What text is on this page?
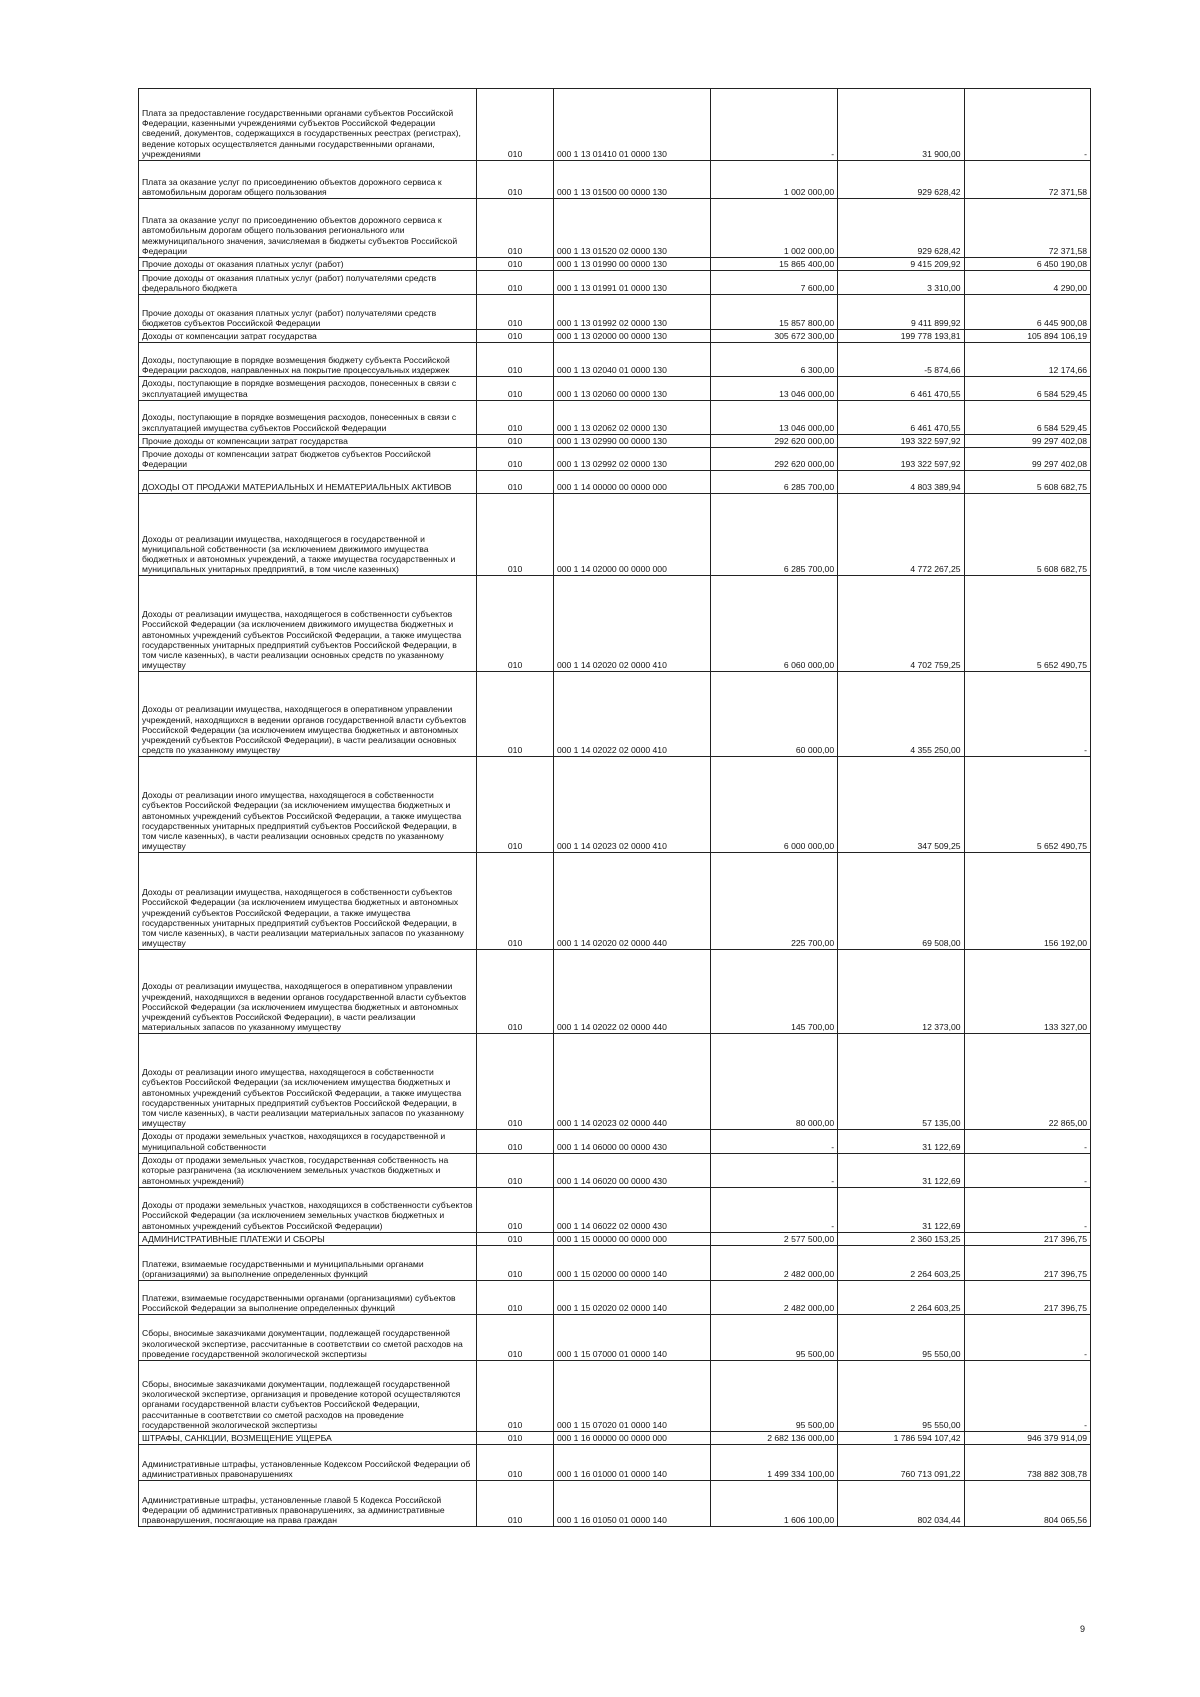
Плата за предоставление государственными органами субъектов Российской Федерации, казенными учреждениями субъектов Российской Федерации сведений, документов, содержащихся в государственных реестрах (регистрах), ведение которых осуществляется данными государственными органами, учреждениями	010	000 1 13 01410 01 0000 130	-	31 900,00	-
Плата за оказание услуг по присоединению объектов дорожного сервиса к автомобильным дорогам общего пользования	010	000 1 13 01500 00 0000 130	1 002 000,00	929 628,42	72 371,58
Плата за оказание услуг по присоединению объектов дорожного сервиса к автомобильным дорогам общего пользования регионального или межмуниципального значения, зачисляемая в бюджеты субъектов Российской Федерации	010	000 1 13 01520 02 0000 130	1 002 000,00	929 628,42	72 371,58
Прочие доходы от оказания платных услуг (работ)	010	000 1 13 01990 00 0000 130	15 865 400,00	9 415 209,92	6 450 190,08
Прочие доходы от оказания платных услуг (работ) получателями средств федерального бюджета	010	000 1 13 01991 01 0000 130	7 600,00	3 310,00	4 290,00
Прочие доходы от оказания платных услуг (работ) получателями средств бюджетов субъектов Российской Федерации	010	000 1 13 01992 02 0000 130	15 857 800,00	9 411 899,92	6 445 900,08
Доходы от компенсации затрат государства	010	000 1 13 02000 00 0000 130	305 672 300,00	199 778 193,81	105 894 106,19
Доходы, поступающие в порядке возмещения бюджету субъекта Российской Федерации расходов, направленных на покрытие процессуальных издержек	010	000 1 13 02040 01 0000 130	6 300,00	-5 874,66	12 174,66
Доходы, поступающие в порядке возмещения расходов, понесенных в связи с эксплуатацией имущества	010	000 1 13 02060 00 0000 130	13 046 000,00	6 461 470,55	6 584 529,45
Доходы, поступающие в порядке возмещения расходов, понесенных в связи с эксплуатацией имущества субъектов Российской Федерации	010	000 1 13 02062 02 0000 130	13 046 000,00	6 461 470,55	6 584 529,45
Прочие доходы от компенсации затрат государства	010	000 1 13 02990 00 0000 130	292 620 000,00	193 322 597,92	99 297 402,08
Прочие доходы от компенсации затрат бюджетов субъектов Российской Федерации	010	000 1 13 02992 02 0000 130	292 620 000,00	193 322 597,92	99 297 402,08
ДОХОДЫ ОТ ПРОДАЖИ МАТЕРИАЛЬНЫХ И НЕМАТЕРИАЛЬНЫХ АКТИВОВ	010	000 1 14 00000 00 0000 000	6 285 700,00	4 803 389,94	5 608 682,75
Доходы от реализации имущества, находящегося в государственной и муниципальной собственности (за исключением движимого имущества бюджетных и автономных учреждений, а также имущества государственных и муниципальных унитарных предприятий, в том числе казенных)	010	000 1 14 02000 00 0000 000	6 285 700,00	4 772 267,25	5 608 682,75
Доходы от реализации имущества, находящегося в собственности субъектов Российской Федерации (за исключением движимого имущества бюджетных и автономных учреждений субъектов Российской Федерации, а также имущества государственных унитарных предприятий субъектов Российской Федерации, в том числе казенных), в части реализации основных средств по указанному имуществу	010	000 1 14 02020 02 0000 410	6 060 000,00	4 702 759,25	5 652 490,75
Доходы от реализации имущества, находящегося в оперативном управлении учреждений, находящихся в ведении органов государственной власти субъектов Российской Федерации (за исключением имущества бюджетных и автономных учреждений субъектов Российской Федерации), в части реализации основных средств по указанному имуществу	010	000 1 14 02022 02 0000 410	60 000,00	4 355 250,00	-
Доходы от реализации иного имущества, находящегося в собственности субъектов Российской Федерации (за исключением имущества бюджетных и автономных учреждений субъектов Российской Федерации, а также имущества государственных унитарных предприятий субъектов Российской Федерации, в том числе казенных), в части реализации основных средств по указанному имуществу	010	000 1 14 02023 02 0000 410	6 000 000,00	347 509,25	5 652 490,75
Доходы от реализации имущества, находящегося в собственности субъектов Российской Федерации (за исключением имущества бюджетных и автономных учреждений субъектов Российской Федерации, а также имущества государственных унитарных предприятий субъектов Российской Федерации, в том числе казенных), в части реализации материальных запасов по указанному имуществу	010	000 1 14 02020 02 0000 440	225 700,00	69 508,00	156 192,00
Доходы от реализации имущества, находящегося в оперативном управлении учреждений, находящихся в ведении органов государственной власти субъектов Российской Федерации (за исключением имущества бюджетных и автономных учреждений субъектов Российской Федерации), в части реализации материальных запасов по указанному имуществу	010	000 1 14 02022 02 0000 440	145 700,00	12 373,00	133 327,00
Доходы от реализации иного имущества, находящегося в собственности субъектов Российской Федерации (за исключением имущества бюджетных и автономных учреждений субъектов Российской Федерации, а также имущества государственных унитарных предприятий субъектов Российской Федерации, в том числе казенных), в части реализации материальных запасов по указанному имуществу	010	000 1 14 02023 02 0000 440	80 000,00	57 135,00	22 865,00
Доходы от продажи земельных участков, находящихся в государственной и муниципальной собственности	010	000 1 14 06000 00 0000 430	-	31 122,69	-
Доходы от продажи земельных участков, государственная собственность на которые разграничена (за исключением земельных участков бюджетных и автономных учреждений)	010	000 1 14 06020 00 0000 430	-	31 122,69	-
Доходы от продажи земельных участков, находящихся в собственности субъектов Российской Федерации (за исключением земельных участков бюджетных и автономных учреждений субъектов Российской Федерации)	010	000 1 14 06022 02 0000 430	-	31 122,69	-
АДМИНИСТРАТИВНЫЕ ПЛАТЕЖИ И СБОРЫ	010	000 1 15 00000 00 0000 000	2 577 500,00	2 360 153,25	217 396,75
Платежи, взимаемые государственными и муниципальными органами (организациями) за выполнение определенных функций	010	000 1 15 02000 00 0000 140	2 482 000,00	2 264 603,25	217 396,75
Платежи, взимаемые государственными органами (организациями) субъектов Российской Федерации за выполнение определенных функций	010	000 1 15 02020 02 0000 140	2 482 000,00	2 264 603,25	217 396,75
Сборы, вносимые заказчиками документации, подлежащей государственной экологической экспертизе, рассчитанные в соответствии со сметой расходов на проведение государственной экологической экспертизы	010	000 1 15 07000 01 0000 140	95 500,00	95 550,00	-
Сборы, вносимые заказчиками документации, подлежащей государственной экологической экспертизе, организация и проведение которой осуществляются органами государственной власти субъектов Российской Федерации, рассчитанные в соответствии со сметой расходов на проведение государственной экологической экспертизы	010	000 1 15 07020 01 0000 140	95 500,00	95 550,00	-
ШТРАФЫ, САНКЦИИ, ВОЗМЕЩЕНИЕ УЩЕРБА	010	000 1 16 00000 00 0000 000	2 682 136 000,00	1 786 594 107,42	946 379 914,09
Административные штрафы, установленные Кодексом Российской Федерации об административных правонарушениях	010	000 1 16 01000 01 0000 140	1 499 334 100,00	760 713 091,22	738 882 308,78
Административные штрафы, установленные главой 5 Кодекса Российской Федерации об административных правонарушениях, за административные правонарушения, посягающие на права граждан	010	000 1 16 01050 01 0000 140	1 606 100,00	802 034,44	804 065,56
9
